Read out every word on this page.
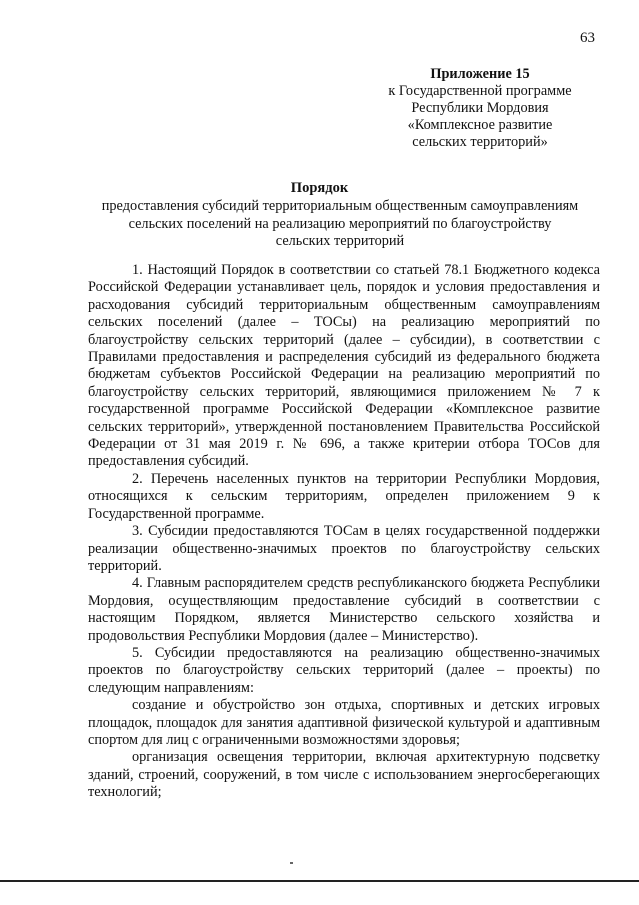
63
Приложение 15
к Государственной программе
Республики Мордовия
«Комплексное развитие
сельских территорий»
Порядок
предоставления субсидий территориальным общественным самоуправлениям
сельских поселений на реализацию мероприятий по благоустройству
сельских территорий

1. Настоящий Порядок в соответствии со статьей 78.1 Бюджетного кодекса Российской Федерации устанавливает цель, порядок и условия предоставления и расходования субсидий территориальным общественным самоуправлениям сельских поселений (далее – ТОСы) на реализацию мероприятий по благоустройству сельских территорий (далее – субсидии), в соответствии с Правилами предоставления и распределения субсидий из федерального бюджета бюджетам субъектов Российской Федерации на реализацию мероприятий по благоустройству сельских территорий, являющимися приложением № 7 к государственной программе Российской Федерации «Комплексное развитие сельских территорий», утвержденной постановлением Правительства Российской Федерации от 31 мая 2019 г. № 696, а также критерии отбора ТОСов для предоставления субсидий.

2. Перечень населенных пунктов на территории Республики Мордовия, относящихся к сельским территориям, определен приложением 9 к Государственной программе.

3. Субсидии предоставляются ТОСам в целях государственной поддержки реализации общественно-значимых проектов по благоустройству сельских территорий.

4. Главным распорядителем средств республиканского бюджета Республики Мордовия, осуществляющим предоставление субсидий в соответствии с настоящим Порядком, является Министерство сельского хозяйства и продовольствия Республики Мордовия (далее – Министерство).

5. Субсидии предоставляются на реализацию общественно-значимых проектов по благоустройству сельских территорий (далее – проекты) по следующим направлениям:

создание и обустройство зон отдыха, спортивных и детских игровых площадок, площадок для занятия адаптивной физической культурой и адаптивным спортом для лиц с ограниченными возможностями здоровья;

организация освещения территории, включая архитектурную подсветку зданий, строений, сооружений, в том числе с использованием энергосберегающих технологий;
